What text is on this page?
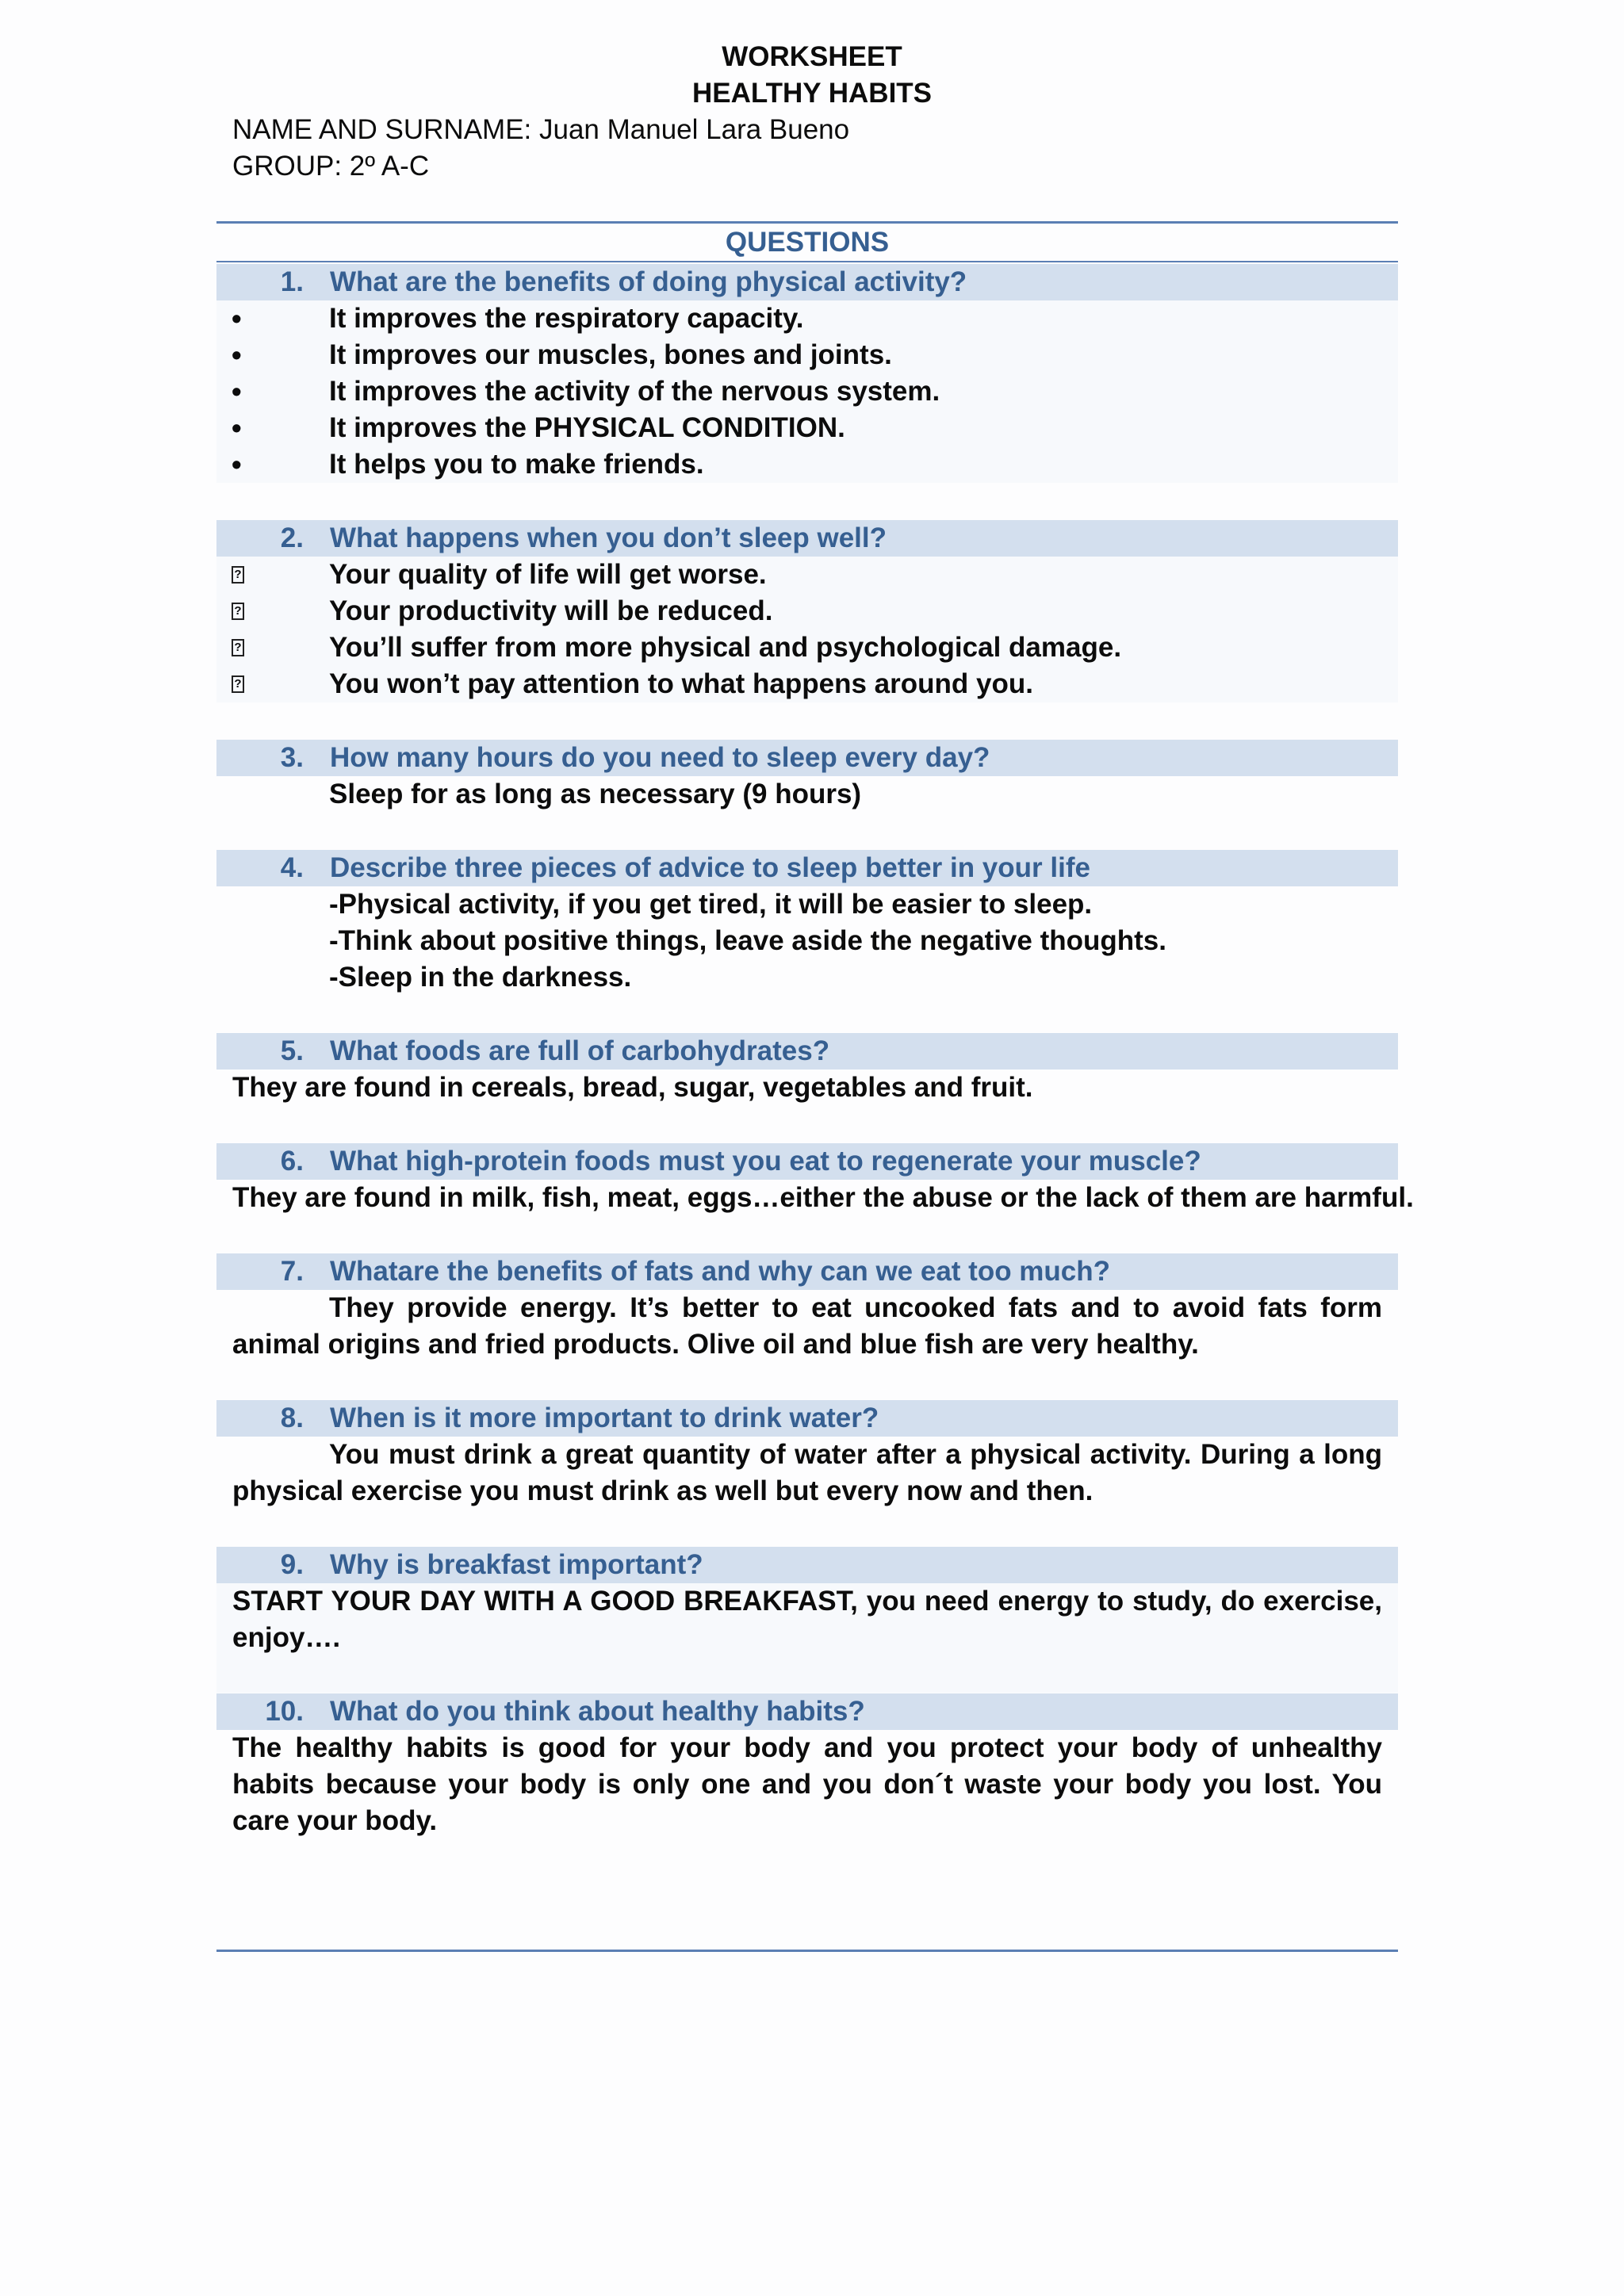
WORKSHEET
HEALTHY HABITS
NAME AND SURNAME: Juan Manuel Lara Bueno
GROUP: 2º A-C
QUESTIONS
1. What are the benefits of doing physical activity?
•	It improves the respiratory capacity.
•	It improves our muscles, bones and joints.
•	It improves the activity of the nervous system.
•	It improves the PHYSICAL CONDITION.
•	It helps you to make friends.
2. What happens when you don’t sleep well?
?	Your quality of life will get worse.
?	Your productivity will be reduced.
?	You’ll suffer from more physical and psychological damage.
?	You won’t pay attention to what happens around you.
3. How many hours do you need to sleep every day?
Sleep for as long as necessary (9 hours)
4. Describe three pieces of advice to sleep better in your life
-Physical activity, if you get tired, it will be easier to sleep.
-Think about positive things, leave aside the negative thoughts.
-Sleep in the darkness.
5. What foods are full of carbohydrates?
They are found in cereals, bread, sugar, vegetables and fruit.
6. What high-protein foods must you eat to regenerate your muscle?
They are found in milk, fish, meat, eggs…either the abuse or the lack of them are harmful.
7. Whatare the benefits of fats and why can we eat too much?
They provide energy. It’s better to eat uncooked fats and to avoid fats form animal origins and fried products. Olive oil and blue fish are very healthy.
8. When is it more important to drink water?
You must drink a great quantity of water after a physical activity. During a long physical exercise you must drink as well but every now and then.
9. Why is breakfast important?
START YOUR DAY WITH A GOOD BREAKFAST, you need energy to study, do exercise, enjoy….
10. What do you think about healthy habits?
The healthy habits is good for your body and you protect your body of unhealthy habits because your body is only one and you don´t waste your body you lost. You care your body.
